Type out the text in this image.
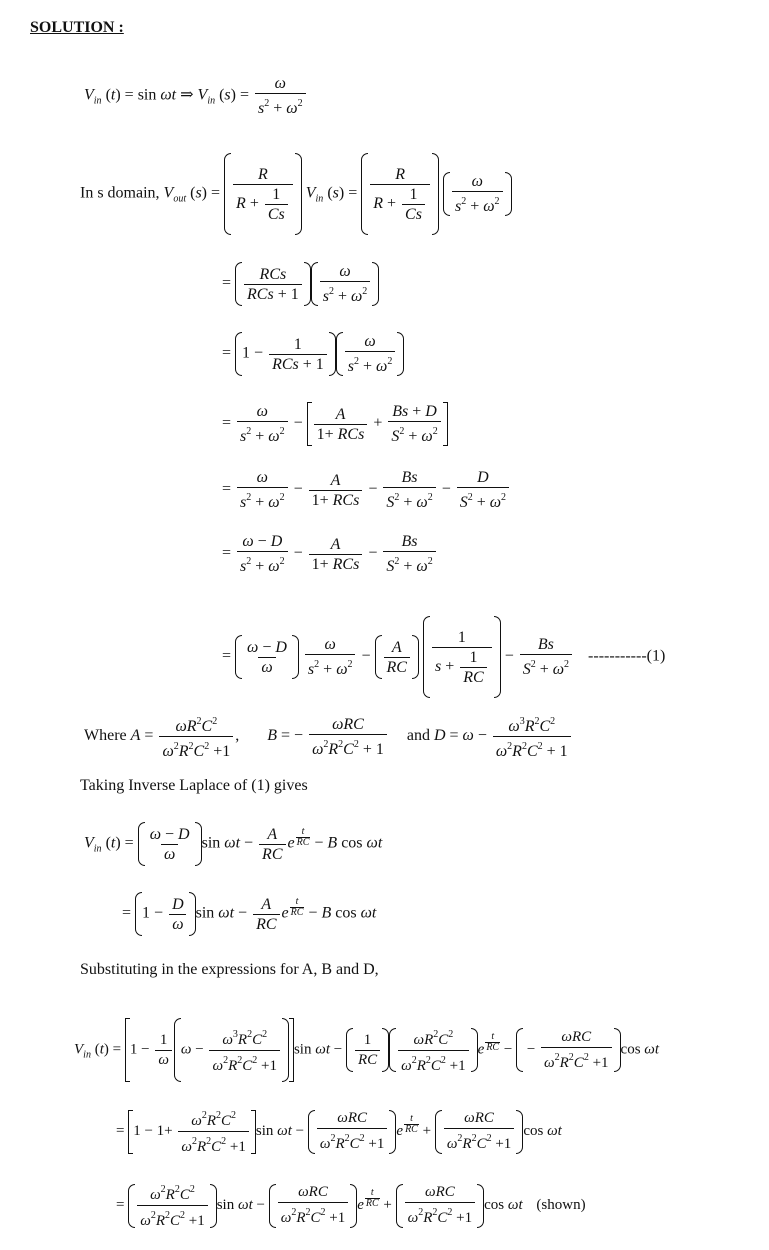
SOLUTION :
$V_{in}$ (t) = sin ωt ⇒ $V_{in}$ $(s) = \frac{\omega}{s^2 + \omega^2}$
In s domain, $V_{out}$ $(s) = \frac{R}{R + \frac{1}{Cs}} V_{in}$ $(s) = \frac{R}{R + \frac{1}{Cs}}$
$\frac{\omega}{s^2 + \omega^2}$
=
RCs
RCs + $1 \frac{\omega}{s^2 + \omega^2}$
= 1 −
1
RCs + $1 \frac{\omega}{s^2 + \omega^2}$
= $\frac{\omega}{s^2 + \omega^2}$ −
A
1+ RCs
+ $\frac{Bs + D}{S^2 + \omega^2}$
= $\frac{\omega}{s^2 + \omega^2}$ −
A
1+ RCs
− $\frac{Bs}{S^2 + \omega^2} - \frac{D}{S^2 + \omega^2}$
= $\frac{\omega - D}{s^2 + \omega^2}$ −
A
1+ RCs
− $\frac{Bs}{S^2 + \omega^2}$
= $\frac{\omega - D}{\omega}$
$\frac{\omega}{s^2 + \omega^2} - \frac{A}{RC}$
$\frac{1}{s + \frac{1}{RC}} - \frac{Bs}{S^2 + \omega^2} -----------(1)$
Where $A = \frac{\omega R^2C^2}{\omega^2R^2C^2 +1}$ ,  B = −
ωRC
$\omega^2R^2C^2 + 1$
and $D = \omega - \frac{\omega^3R^2C^2}{\omega^2R^2C^2 + 1}$
Taking Inverse Laplace of (1) gives
$V_{in}$ $(t) = \frac{\omega - D}{\omega}$ $\sin \omega t - \frac{A}{RC}$ e $\frac{t}{RC} - B$ cos ωt
= $1 - \frac{D}{\omega}$ $\sin \omega t - \frac{A}{RC}$ e $\frac{t}{RC} - B$ cos ωt
Substituting in the expressions for A, B and D,
$V_{in}$ $(t) = 1 - \frac{1}{\omega}$ $\omega - \frac{\omega^3R^2C^2}{\omega^2R^2C^2 +1}$ $\sin \omega t - \frac{1}{RC} \frac{\omega R^2C^2}{\omega^2R^2C^2 +1}$ e $\frac{t}{RC}$ −  −
ωRC
$\omega^2R^2C^2 +1$
cos ωt
= $1 - 1+ \frac{\omega^2R^2C^2}{\omega^2R^2C^2 +1}$ sin ωt −
ωRC
$\omega^2R^2C^2 +1$
e $\frac{t}{RC}$ +
ωRC
$\omega^2R^2C^2 +1$
cos ωt
= $\frac{\omega^2R^2C^2}{\omega^2R^2C^2 +1}$ sin ωt −
ωRC
$\omega^2R^2C^2 +1$
e $\frac{t}{RC}$ +
ωRC
$\omega^2R^2C^2 +1$
cos ωt (shown)
